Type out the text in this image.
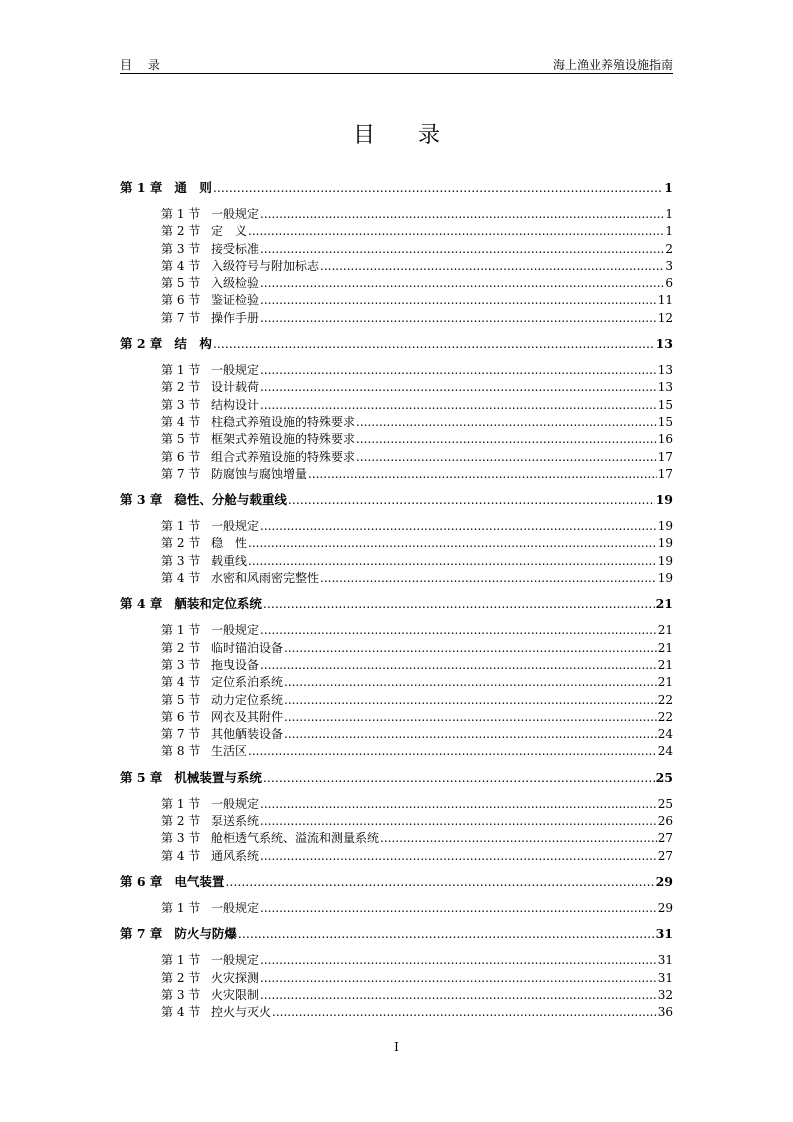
目 录	海上渔业养殖设施指南
目 录
第 1 章 通　则 .....	1
第 1 节 一般规定 .....	1
第 2 节 定　义 .....	1
第 3 节 接受标准 .....	2
第 4 节 入级符号与附加标志 .....	3
第 5 节 入级检验 .....	6
第 6 节 鉴证检验 .....	11
第 7 节 操作手册 .....	12
第 2 章 结　构 .....	13
第 1 节 一般规定 .....	13
第 2 节 设计载荷 .....	13
第 3 节 结构设计 .....	15
第 4 节 柱稳式养殖设施的特殊要求 .....	15
第 5 节 框架式养殖设施的特殊要求 .....	16
第 6 节 组合式养殖设施的特殊要求 .....	17
第 7 节 防腐蚀与腐蚀增量 .....	17
第 3 章 稳性、分舱与载重线 .....	19
第 1 节 一般规定 .....	19
第 2 节 稳　性 .....	19
第 3 节 载重线 .....	19
第 4 节 水密和风雨密完整性 .....	19
第 4 章 舾装和定位系统 .....	21
第 1 节 一般规定 .....	21
第 2 节 临时锚泊设备 .....	21
第 3 节 拖曳设备 .....	21
第 4 节 定位系泊系统 .....	21
第 5 节 动力定位系统 .....	22
第 6 节 网衣及其附件 .....	22
第 7 节 其他舾装设备 .....	24
第 8 节 生活区 .....	24
第 5 章 机械装置与系统 .....	25
第 1 节 一般规定 .....	25
第 2 节 泵送系统 .....	26
第 3 节 舱柜透气系统、溢流和测量系统 .....	27
第 4 节 通风系统 .....	27
第 6 章 电气装置 .....	29
第 1 节 一般规定 .....	29
第 7 章 防火与防爆 .....	31
第 1 节 一般规定 .....	31
第 2 节 火灾探测 .....	31
第 3 节 火灾限制 .....	32
第 4 节 控火与灭火 .....	36
I
